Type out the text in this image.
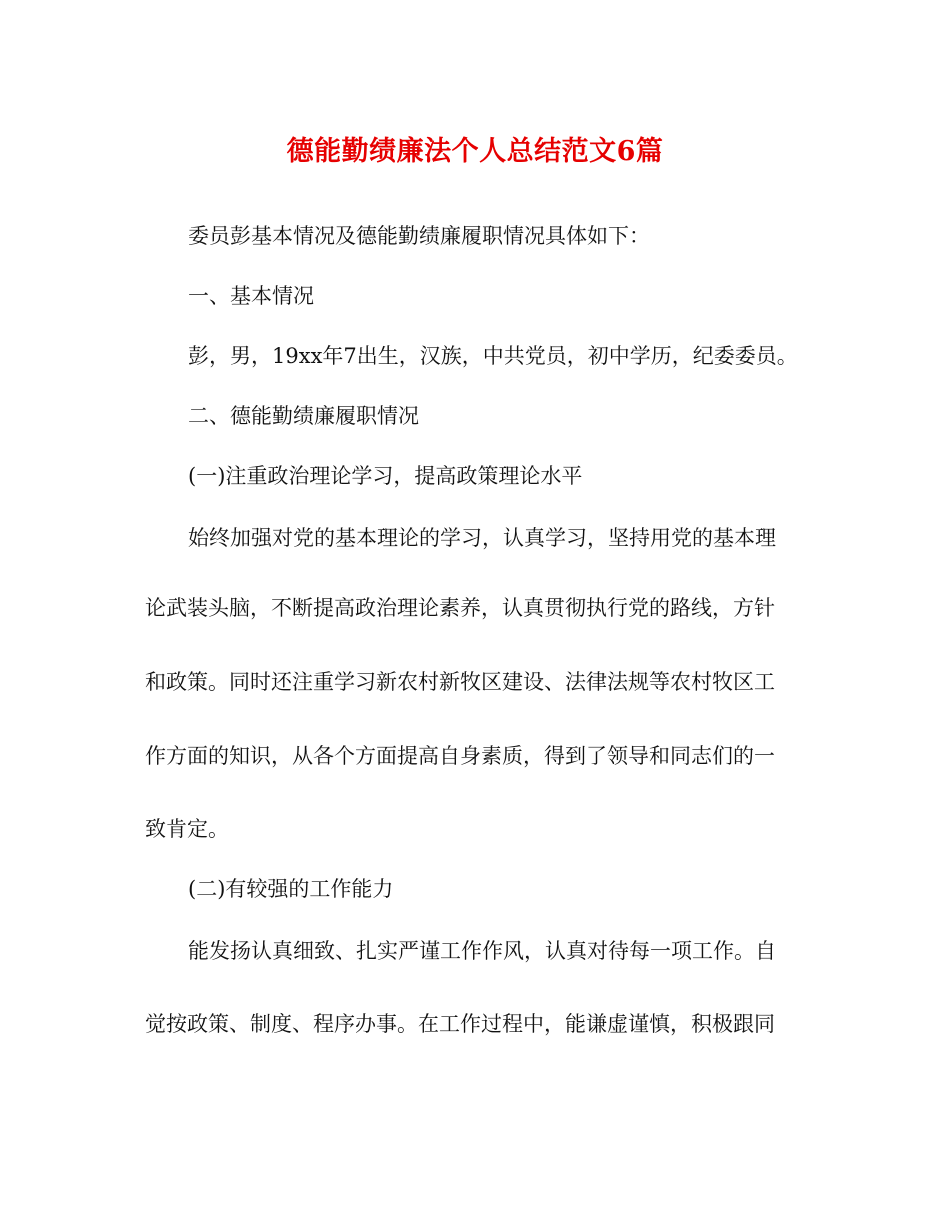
德能勤绩廉法个人总结范文6篇
委员彭基本情况及德能勤绩廉履职情况具体如下：
一、基本情况
彭，男，19xx年7出生，汉族，中共党员，初中学历，纪委委员。
二、德能勤绩廉履职情况
(一)注重政治理论学习，提高政策理论水平
始终加强对党的基本理论的学习，认真学习，坚持用党的基本理
论武装头脑，不断提高政治理论素养，认真贯彻执行党的路线，方针
和政策。同时还注重学习新农村新牧区建设、法律法规等农村牧区工
作方面的知识，从各个方面提高自身素质，得到了领导和同志们的一
致肯定。
(二)有较强的工作能力
能发扬认真细致、扎实严谨工作作风，认真对待每一项工作。自
觉按政策、制度、程序办事。在工作过程中，能谦虚谨慎，积极跟同
